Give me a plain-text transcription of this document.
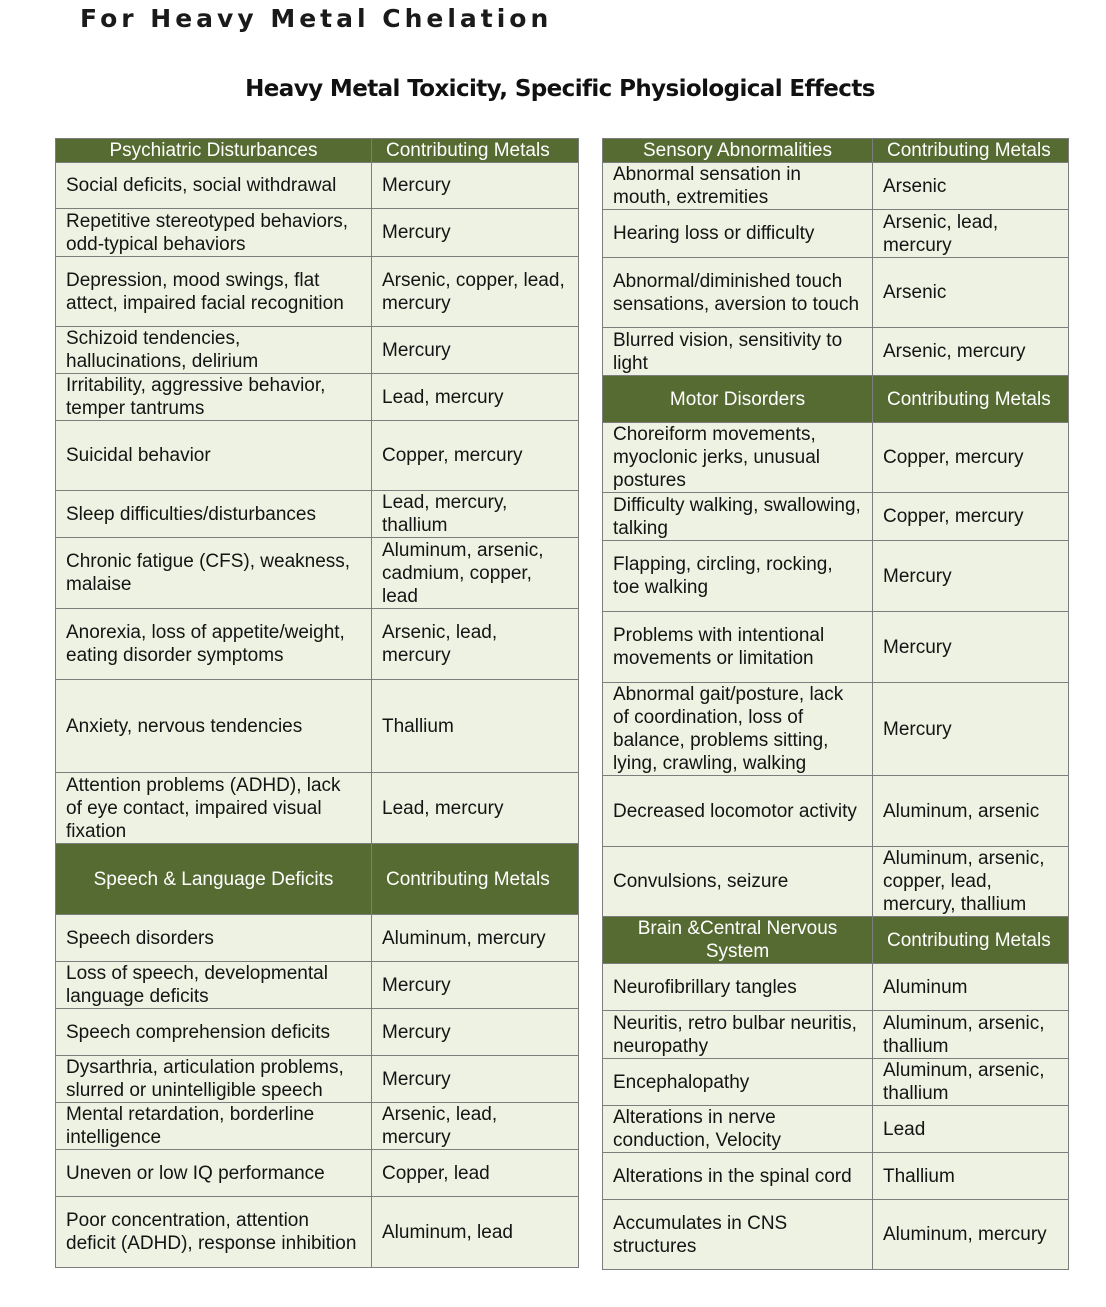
For Heavy Metal Chelation
Heavy Metal Toxicity, Specific Physiological Effects
Psychiatric Disturbances	Contributing Metals
Social deficits, social withdrawal	Mercury
Repetitive stereotyped behaviors, odd-typical behaviors	Mercury
Depression, mood swings, flat attect, impaired facial recognition	Arsenic, copper, lead, mercury
Schizoid tendencies, hallucinations, delirium	Mercury
Irritability, aggressive behavior, temper tantrums	Lead, mercury
Suicidal behavior	Copper, mercury
Sleep difficulties/disturbances	Lead, mercury, thallium
Chronic fatigue (CFS), weakness, malaise	Aluminum, arsenic, cadmium, copper, lead
Anorexia, loss of appetite/weight, eating disorder symptoms	Arsenic, lead, mercury
Anxiety, nervous tendencies	Thallium
Attention problems (ADHD), lack of eye contact, impaired visual fixation	Lead, mercury
Speech & Language Deficits	Contributing Metals
Speech disorders	Aluminum, mercury
Loss of speech, developmental language deficits	Mercury
Speech comprehension deficits	Mercury
Dysarthria, articulation problems, slurred or unintelligible speech	Mercury
Mental retardation, borderline intelligence	Arsenic, lead, mercury
Uneven or low IQ performance	Copper, lead
Poor concentration, attention deficit (ADHD), response inhibition	Aluminum, lead
Sensory Abnormalities	Contributing Metals
Abnormal sensation in mouth, extremities	Arsenic
Hearing loss or difficulty	Arsenic, lead, mercury
Abnormal/diminished touch sensations, aversion to touch	Arsenic
Blurred vision, sensitivity to light	Arsenic, mercury
Motor Disorders	Contributing Metals
Choreiform movements, myoclonic jerks, unusual postures	Copper, mercury
Difficulty walking, swallowing, talking	Copper, mercury
Flapping, circling, rocking, toe walking	Mercury
Problems with intentional movements or limitation	Mercury
Abnormal gait/posture, lack of coordination, loss of balance, problems sitting, lying, crawling, walking	Mercury
Decreased locomotor activity	Aluminum, arsenic
Convulsions, seizure	Aluminum, arsenic, copper, lead, mercury, thallium
Brain &Central Nervous System	Contributing Metals
Neurofibrillary tangles	Aluminum
Neuritis, retro bulbar neuritis, neuropathy	Aluminum, arsenic, thallium
Encephalopathy	Aluminum, arsenic, thallium
Alterations in nerve conduction, Velocity	Lead
Alterations in the spinal cord	Thallium
Accumulates in CNS structures	Aluminum, mercury
